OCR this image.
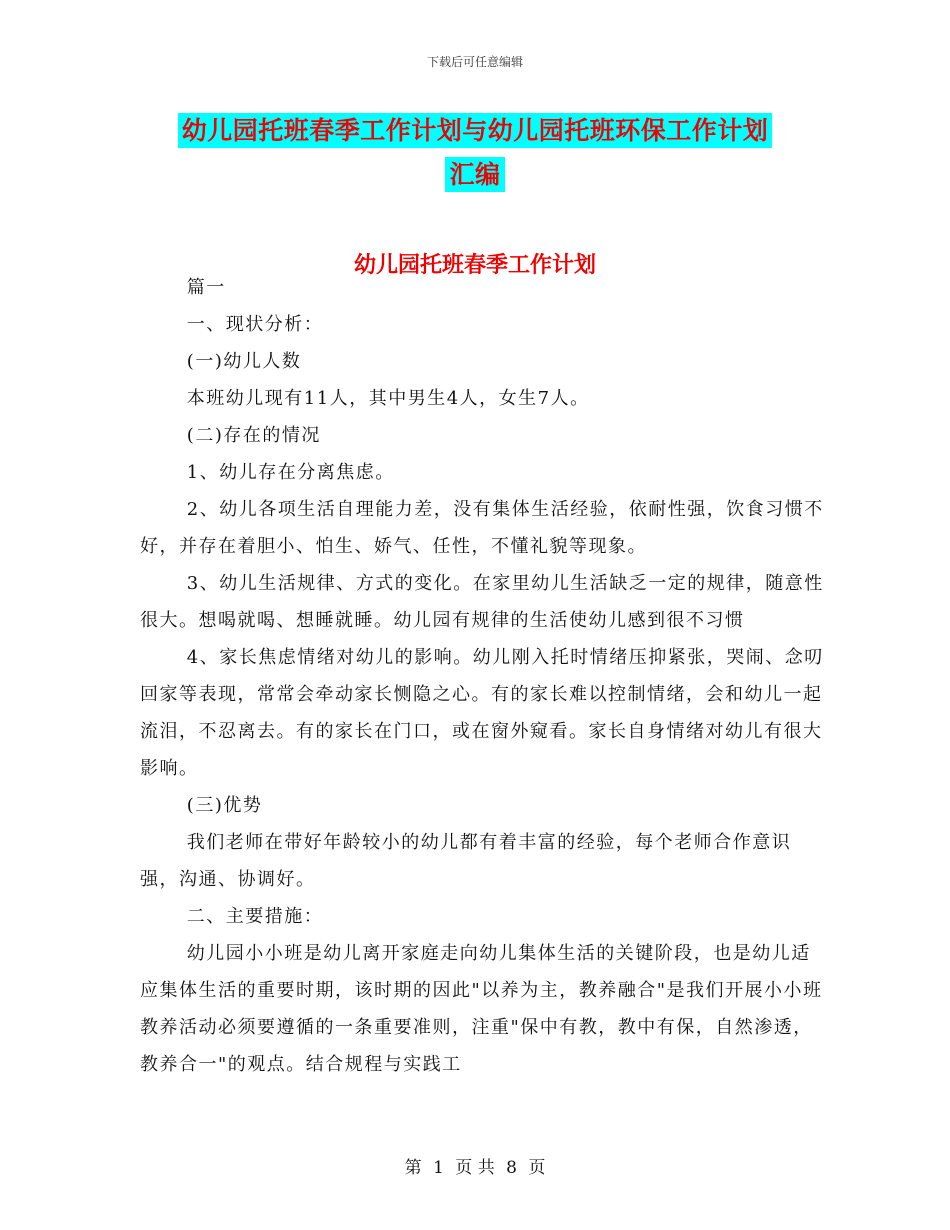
下载后可任意编辑
幼儿园托班春季工作计划与幼儿园托班环保工作计划
汇编
幼儿园托班春季工作计划

篇一

一、现状分析：

(一)幼儿人数

本班幼儿现有11人，其中男生4人，女生7人。

(二)存在的情况

1、幼儿存在分离焦虑。

2、幼儿各项生活自理能力差，没有集体生活经验，依耐性强，饮食习惯不好，并存在着胆小、怕生、娇气、任性，不懂礼貌等现象。

3、幼儿生活规律、方式的变化。在家里幼儿生活缺乏一定的规律，随意性很大。想喝就喝、想睡就睡。幼儿园有规律的生活使幼儿感到很不习惯

4、家长焦虑情绪对幼儿的影响。幼儿刚入托时情绪压抑紧张，哭闹、念叨回家等表现，常常会牵动家长恻隐之心。有的家长难以控制情绪，会和幼儿一起流泪，不忍离去。有的家长在门口，或在窗外窥看。家长自身情绪对幼儿有很大影响。

(三)优势

我们老师在带好年龄较小的幼儿都有着丰富的经验，每个老师合作意识强，沟通、协调好。

二、主要措施：

幼儿园小小班是幼儿离开家庭走向幼儿集体生活的关键阶段，也是幼儿适应集体生活的重要时期，该时期的因此"以养为主，教养融合"是我们开展小小班教养活动必须要遵循的一条重要准则，注重"保中有教，教中有保，自然渗透，教养合一"的观点。结合规程与实践工

第 1 页 共 8 页
